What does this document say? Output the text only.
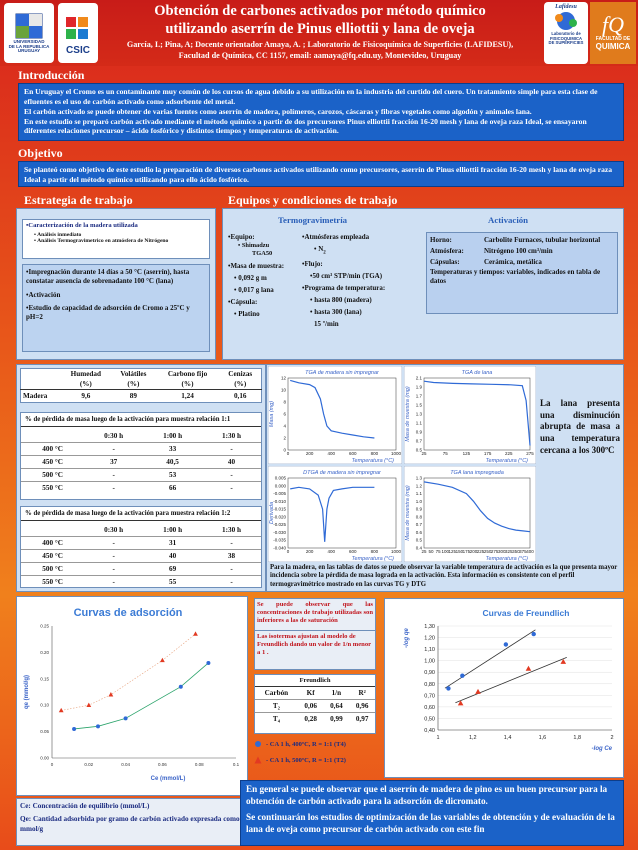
UNIVERSIDAD
DE LA REPUBLICA
URUGUAY	CSIC
Obtención de carbones activados por método químico
utilizando aserrín de Pinus elliottii y lana de oveja
García, I.; Pina, A; Docente orientador Amaya, A. ; Laboratorio de Fisicoquímica de Superficies (LAFIDESU),
Facultad de Química, CC 1157, email: aamaya@fq.edu.uy, Montevideo, Uruguay
Lafidesu
Laboratorio de
FISICOQUIMICA
DE SUPERFICIES
fQ
FACULTAD DE
QUIMICA
Introducción
En Uruguay el Cromo es un contaminante muy común de los cursos de agua debido a su utilización en la industria del curtido del cuero. Un tratamiento simple para esta clase de efluentes es el uso de carbón activado como adsorbente del metal.
El carbón activado se puede obtener de varias fuentes como aserrín de madera, polímeros, carozos, cáscaras y fibras vegetales como algodón y animales lana.
En este estudio se preparó carbón activado mediante el método químico a partir de dos precursores Pinus elliottii fracción 16-20 mesh y lana de oveja raza Ideal, se ensayaron diferentes relaciones precursor – ácido fosfórico y distintos tiempos y temperaturas de activación.
Objetivo
Se planteó como objetivo de este estudio la preparación de diversos carbones activados utilizando como precursores, aserrín de Pinus elliottii fracción 16-20 mesh y lana de oveja raza Ideal a partir del método químico utilizando para ello ácido fosfórico.
Estrategia de trabajo
•Caracterización de la madera utilizada
• Análisis inmediato
• Análisis Termogravimetrico en atmósfera de Nitrógeno
•Impregnación durante 14 días a 50 °C (aserrín), hasta constatar ausencia de sobrenadante 100 °C (lana)
•Activación
•Estudio de capacidad de adsorción de Cromo a 25ºC y pH=2
Equipos y condiciones de trabajo
Termogravimetría	Activación
•Equipo:
• Shimadzu
TGA50
•Masa de muestra:
• 0,092 g m
• 0,017 g lana
•Cápsula:
• Platino
•Atmósferas empleada
• $N_2$
•Flujo:
•50 cm³ STP/min (TGA)
•Programa de temperatura:
• hasta 800 (madera)
• hasta 300 (lana)
15 º/min
Horno:	Carbolite Furnaces, tubular horizontal
Atmósfera:	Nitrógeno 100 cm³/min
Cápsulas:	Cerámica, metálica
Temperaturas y tiempos: variables, indicados en tabla de datos
	Humedad	Volátiles	Carbono fijo	Cenizas
	(%)	(%)	(%)	(%)
Madera	9,6	89	1,24	0,16
% de pérdida de masa luego de la activación para muestra relación 1:1
	0:30 h	1:00 h	1:30 h
400 °C	-	33	-
450 °C	37	40,5	40
500 °C	-	53	-
550 °C	-	66	-
% de pérdida de masa luego de la activación para muestra relación 1:2
	0:30 h	1:00 h	1:30 h
400 °C	-	31	-
450 °C	-	40	38
500 °C	-	69	-
550 °C	-	55	-
TGA de madera sin impregnar
0	200	400	600	800	1000
12
10
8
6
4
2
0
Temperatura (°C)
Masa (mg)
TGA de lana
25	75	125	175	225	275
2.1
1.9
1.7
1.5
1.3
1.1
0.9
0.7
0.5
Temperatura (°C)
Masa de muestra (mg)
DTGA de madera sin impregnar
0	200	400	600	800	1000
0.005
0.000
-0.005
-0.010
-0.015
-0.020
-0.025
-0.030
-0.035
-0.040
Temperatura (°C)
Derivada
TGA lana impregnada
25 50 75 100 125 150 175 200 225 250 275 300 325 350 375 400
1.3
1.2
1.1
1.0
0.9
0.8
0.7
0.6
0.5
0.4
Temperatura (°C)
Masa de muestra (mg)
La lana presenta una disminución abrupta de masa a una temperatura cercana a los 300ºC
Para la madera, en las tablas de datos se puede observar la variable temperatura de activación es la que presenta mayor incidencia sobre la pérdida de masa lograda en la activación. Esta información es consistente con el perfil termogravimétrico mostrado en las curvas TG y DTG
Curvas de adsorción
0	0.02	0.04	0.06	0.08	0.1
0.25
0.20
0.15
0.10
0.05
0.00
Ce (mmol/L)
qe (mmol/g)
Se puede observar que las concentraciones de trabajo utilizadas son inferiores a las de saturación
Las isotermas ajustan al modelo de Freundlich dando un valor de 1/n menor a 1 .
Freundlich
Carbón	Kf	1/n	R²
T₂	0,06	0,64	0,96
T₄	0,28	0,99	0,97
- CA 1 h, 400ºC, R = 1:1 (T4)
- CA 1 h, 500ºC, R = 1:1 (T2)
Curvas de Freundlich
1,30
1,20
1,10
1,00
0,90
0,80
0,70
0,60
0,50
0,40
1	1,2	1,4	1,6	1,8	2
-log Ce
-log qe
Ce: Concentración de equilibrio (mmol/L)
Qe: Cantidad adsorbida por gramo de carbón activado expresada como mmol/g
En general se puede observar que el aserrín de madera de pino es un buen precursor para la obtención de carbón activado para la adsorción de dicromato.
Se continuarán los estudios de optimización de las variables de obtención y de evaluación de la lana de oveja como precursor de carbón activado con este fin
